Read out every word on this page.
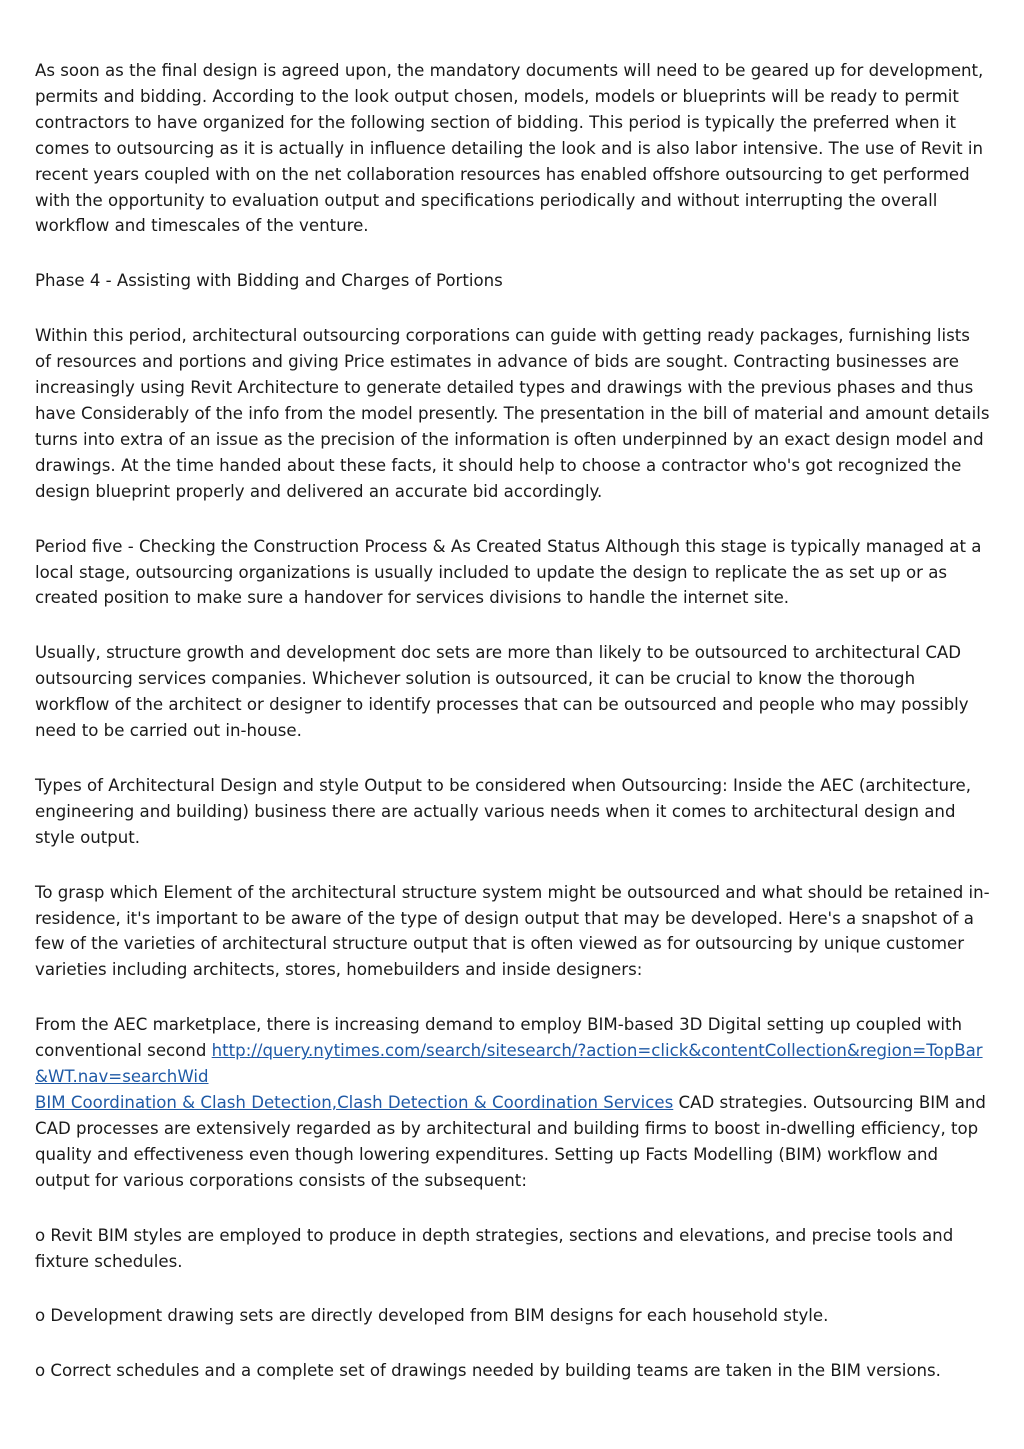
As soon as the final design is agreed upon, the mandatory documents will need to be geared up for development, permits and bidding. According to the look output chosen, models, models or blueprints will be ready to permit contractors to have organized for the following section of bidding. This period is typically the preferred when it comes to outsourcing as it is actually in influence detailing the look and is also labor intensive. The use of Revit in recent years coupled with on the net collaboration resources has enabled offshore outsourcing to get performed with the opportunity to evaluation output and specifications periodically and without interrupting the overall workflow and timescales of the venture.

Phase 4 - Assisting with Bidding and Charges of Portions

Within this period, architectural outsourcing corporations can guide with getting ready packages, furnishing lists of resources and portions and giving Price estimates in advance of bids are sought. Contracting businesses are increasingly using Revit Architecture to generate detailed types and drawings with the previous phases and thus have Considerably of the info from the model presently. The presentation in the bill of material and amount details turns into extra of an issue as the precision of the information is often underpinned by an exact design model and drawings. At the time handed about these facts, it should help to choose a contractor who's got recognized the design blueprint properly and delivered an accurate bid accordingly.

Period five - Checking the Construction Process & As Created Status Although this stage is typically managed at a local stage, outsourcing organizations is usually included to update the design to replicate the as set up or as created position to make sure a handover for services divisions to handle the internet site.

Usually, structure growth and development doc sets are more than likely to be outsourced to architectural CAD outsourcing services companies. Whichever solution is outsourced, it can be crucial to know the thorough workflow of the architect or designer to identify processes that can be outsourced and people who may possibly need to be carried out in-house.

Types of Architectural Design and style Output to be considered when Outsourcing: Inside the AEC (architecture, engineering and building) business there are actually various needs when it comes to architectural design and style output.

To grasp which Element of the architectural structure system might be outsourced and what should be retained in-residence, it's important to be aware of the type of design output that may be developed. Here's a snapshot of a few of the varieties of architectural structure output that is often viewed as for outsourcing by unique customer varieties including architects, stores, homebuilders and inside designers:

From the AEC marketplace, there is increasing demand to employ BIM-based 3D Digital setting up coupled with conventional second http://query.nytimes.com/search/sitesearch/?action=click&contentCollection&region=TopBar&WT.nav=searchWid
BIM Coordination & Clash Detection,Clash Detection & Coordination Services CAD strategies. Outsourcing BIM and CAD processes are extensively regarded as by architectural and building firms to boost in-dwelling efficiency, top quality and effectiveness even though lowering expenditures. Setting up Facts Modelling (BIM) workflow and output for various corporations consists of the subsequent:

o Revit BIM styles are employed to produce in depth strategies, sections and elevations, and precise tools and fixture schedules.

o Development drawing sets are directly developed from BIM designs for each household style.

o Correct schedules and a complete set of drawings needed by building teams are taken in the BIM versions.
